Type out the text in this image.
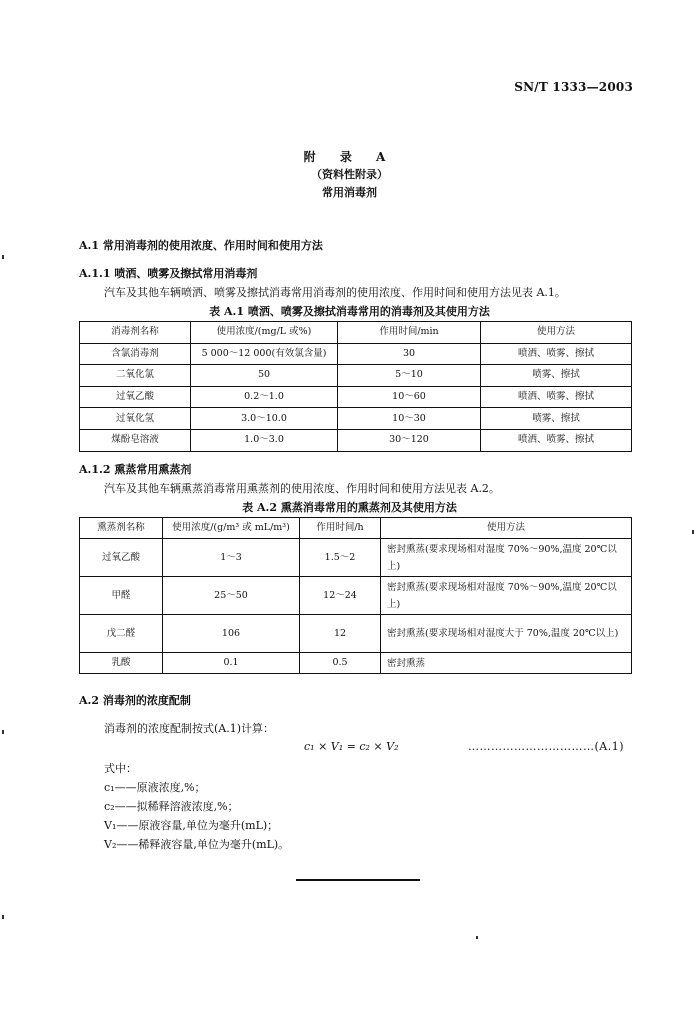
SN/T 1333—2003
附 录 A
（资料性附录）
常用消毒剂
A.1 常用消毒剂的使用浓度、作用时间和使用方法
A.1.1 喷洒、喷雾及擦拭常用消毒剂
汽车及其他车辆喷洒、喷雾及擦拭消毒常用消毒剂的使用浓度、作用时间和使用方法见表 A.1。
表 A.1 喷洒、喷雾及擦拭消毒常用的消毒剂及其使用方法
消毒剂名称	使用浓度/(mg/L 或%)	作用时间/min	使用方法
含氯消毒剂	5 000～12 000(有效氯含量)	30	喷洒、喷雾、擦拭
二氧化氯	50	5～10	喷雾、擦拭
过氧乙酸	0.2～1.0	10～60	喷洒、喷雾、擦拭
过氧化氢	3.0～10.0	10～30	喷雾、擦拭
煤酚皂溶液	1.0～3.0	30～120	喷洒、喷雾、擦拭
A.1.2 熏蒸常用熏蒸剂
汽车及其他车辆熏蒸消毒常用熏蒸剂的使用浓度、作用时间和使用方法见表 A.2。
表 A.2 熏蒸消毒常用的熏蒸剂及其使用方法
熏蒸剂名称	使用浓度/(g/m³ 或 mL/m³)	作用时间/h	使用方法
过氧乙酸	1～3	1.5～2	密封熏蒸(要求现场相对湿度 70%～90%,温度 20℃以上)
甲醛	25～50	12～24	密封熏蒸(要求现场相对湿度 70%～90%,温度 20℃以上)
戊二醛	106	12	密封熏蒸(要求现场相对湿度大于 70%,温度 20℃以上)
乳酸	0.1	0.5	密封熏蒸
A.2 消毒剂的浓度配制
消毒剂的浓度配制按式(A.1)计算：
c₁ × V₁ = c₂ × V₂	……………………………(A.1)
式中：
c₁——原液浓度,%；
c₂——拟稀释溶液浓度,%；
V₁——原液容量,单位为毫升(mL)；
V₂——稀释液容量,单位为毫升(mL)。
